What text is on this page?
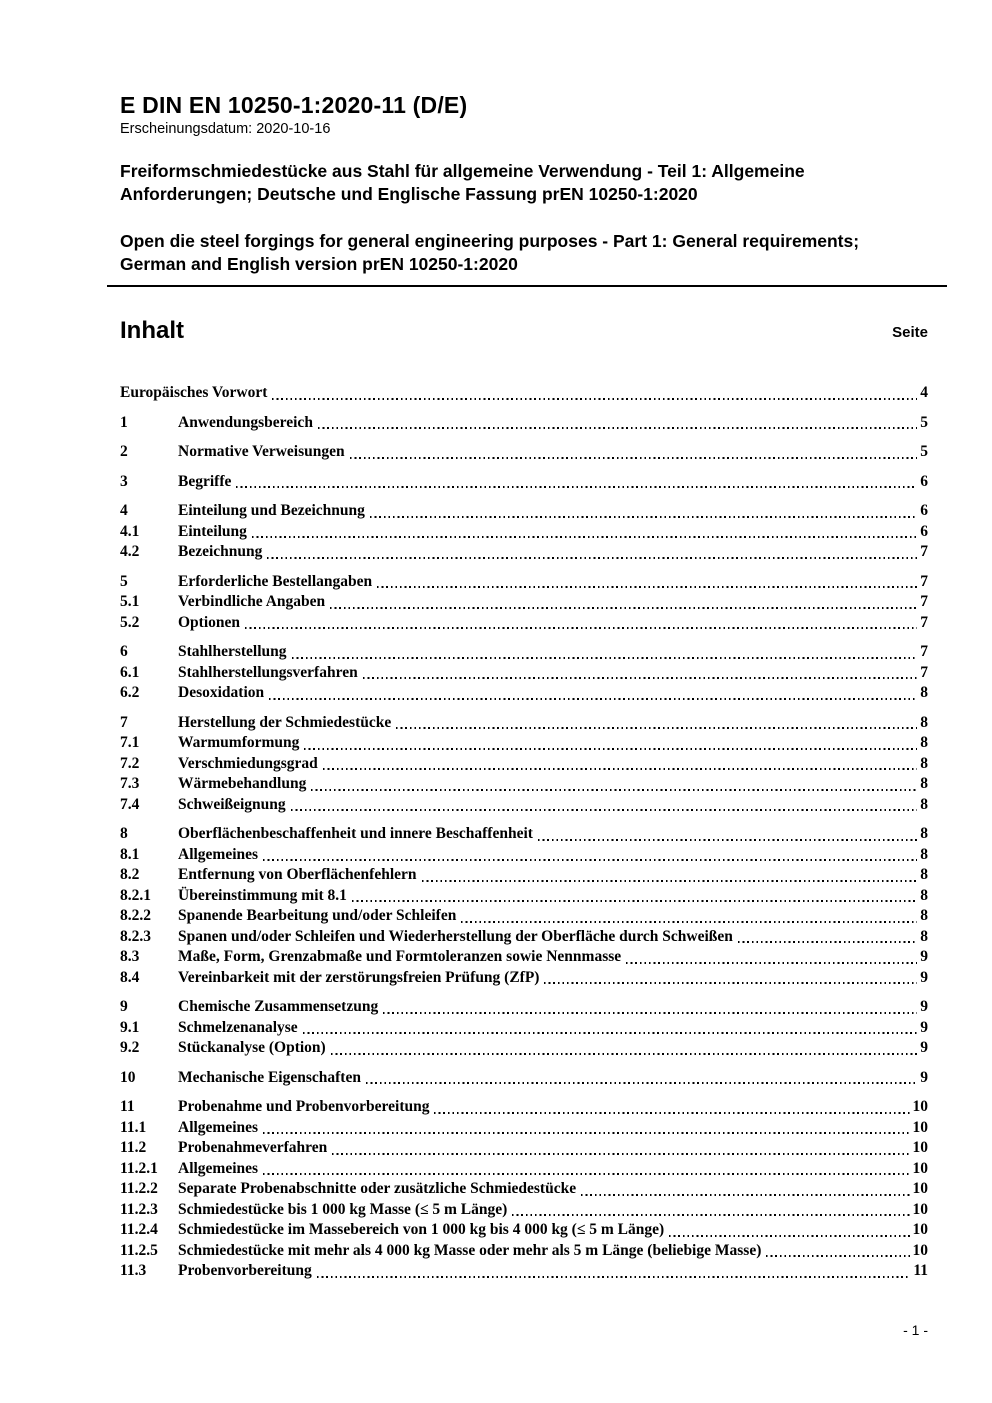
E DIN EN 10250-1:2020-11 (D/E)
Erscheinungsdatum: 2020-10-16
Freiformschmiedestücke aus Stahl für allgemeine Verwendung - Teil 1: Allgemeine Anforderungen; Deutsche und Englische Fassung prEN 10250-1:2020
Open die steel forgings for general engineering purposes - Part 1: General requirements; German and English version prEN 10250-1:2020
Inhalt	Seite
Europäisches Vorwort	4
1	Anwendungsbereich	5
2	Normative Verweisungen	5
3	Begriffe	6
4	Einteilung und Bezeichnung	6
4.1	Einteilung	6
4.2	Bezeichnung	7
5	Erforderliche Bestellangaben	7
5.1	Verbindliche Angaben	7
5.2	Optionen	7
6	Stahlherstellung	7
6.1	Stahlherstellungsverfahren	7
6.2	Desoxidation	8
7	Herstellung der Schmiedestücke	8
7.1	Warmumformung	8
7.2	Verschmiedungsgrad	8
7.3	Wärmebehandlung	8
7.4	Schweißeignung	8
8	Oberflächenbeschaffenheit und innere Beschaffenheit	8
8.1	Allgemeines	8
8.2	Entfernung von Oberflächenfehlern	8
8.2.1	Übereinstimmung mit 8.1	8
8.2.2	Spanende Bearbeitung und/oder Schleifen	8
8.2.3	Spanen und/oder Schleifen und Wiederherstellung der Oberfläche durch Schweißen	8
8.3	Maße, Form, Grenzabmaße und Formtoleranzen sowie Nennmasse	9
8.4	Vereinbarkeit mit der zerstörungsfreien Prüfung (ZfP)	9
9	Chemische Zusammensetzung	9
9.1	Schmelzenanalyse	9
9.2	Stückanalyse (Option)	9
10	Mechanische Eigenschaften	9
11	Probenahme und Probenvorbereitung	10
11.1	Allgemeines	10
11.2	Probenahmeverfahren	10
11.2.1	Allgemeines	10
11.2.2	Separate Probenabschnitte oder zusätzliche Schmiedestücke	10
11.2.3	Schmiedestücke bis 1 000 kg Masse (≤ 5 m Länge)	10
11.2.4	Schmiedestücke im Massebereich von 1 000 kg bis 4 000 kg (≤ 5 m Länge)	10
11.2.5	Schmiedestücke mit mehr als 4 000 kg Masse oder mehr als 5 m Länge (beliebige Masse)	10
11.3	Probenvorbereitung	11
- 1 -
